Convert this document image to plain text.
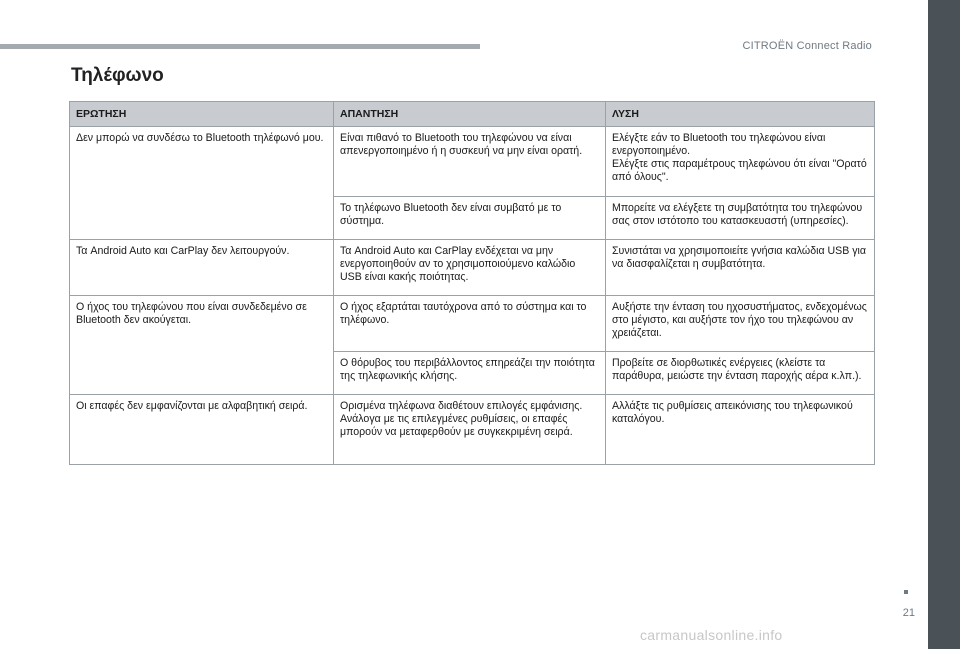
CITROËN Connect Radio
Τηλέφωνο
ΕΡΩΤΗΣΗ	ΑΠΑΝΤΗΣΗ	ΛΥΣΗ
Δεν μπορώ να συνδέσω το Bluetooth τηλέφωνό μου.	Είναι πιθανό το Bluetooth του τηλεφώνου να είναι απενεργοποιημένο ή η συσκευή να μην είναι ορατή.	Ελέγξτε εάν το Bluetooth του τηλεφώνου είναι ενεργοποιημένο.
Ελέγξτε στις παραμέτρους τηλεφώνου ότι είναι "Ορατό από όλους".

	Το τηλέφωνο Bluetooth δεν είναι συμβατό με το σύστημα.	Μπορείτε να ελέγξετε τη συμβατότητα του τηλεφώνου σας στον ιστότοπο του κατασκευαστή (υπηρεσίες).
Τα Android Auto και CarPlay δεν λειτουργούν.	Τα Android Auto και CarPlay ενδέχεται να μην ενεργοποιηθούν αν το χρησιμοποιούμενο καλώδιο USB είναι κακής ποιότητας.	Συνιστάται να χρησιμοποιείτε γνήσια καλώδια USB για να διασφαλίζεται η συμβατότητα.
Ο ήχος του τηλεφώνου που είναι συνδεδεμένο σε Bluetooth δεν ακούγεται.	Ο ήχος εξαρτάται ταυτόχρονα από το σύστημα και το τηλέφωνο.	Αυξήστε την ένταση του ηχοσυστήματος, ενδεχομένως στο μέγιστο, και αυξήστε τον ήχο του τηλεφώνου αν χρειάζεται.
	Ο θόρυβος του περιβάλλοντος επηρεάζει την ποιότητα της τηλεφωνικής κλήσης.	Προβείτε σε διορθωτικές ενέργειες (κλείστε τα παράθυρα, μειώστε την ένταση παροχής αέρα κ.λπ.).
Οι επαφές δεν εμφανίζονται με αλφαβητική σειρά.	Ορισμένα τηλέφωνα διαθέτουν επιλογές εμφάνισης. Ανάλογα με τις επιλεγμένες ρυθμίσεις, οι επαφές μπορούν να μεταφερθούν με συγκεκριμένη σειρά.	Αλλάξτε τις ρυθμίσεις απεικόνισης του τηλεφωνικού καταλόγου.
21
carmanualsonline.info
